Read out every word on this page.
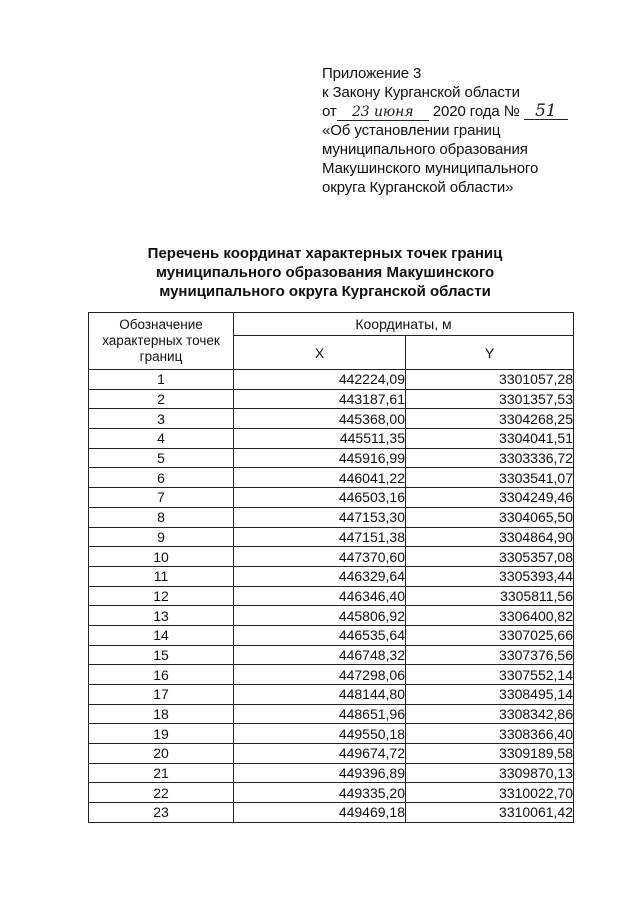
Приложение 3
к Закону Курганской области
от 23 июня 2020 года № 51
«Об установлении границ
муниципального образования
Макушинского муниципального
округа Курганской области»
Перечень координат характерных точек границ
муниципального образования Макушинского
муниципального округа Курганской области
Обозначение характерных точек границ	Координаты, м	
	X	Y
1	442224,09	3301057,28
2	443187,61	3301357,53
3	445368,00	3304268,25
4	445511,35	3304041,51
5	445916,99	3303336,72
6	446041,22	3303541,07
7	446503,16	3304249,46
8	447153,30	3304065,50
9	447151,38	3304864,90
10	447370,60	3305357,08
11	446329,64	3305393,44
12	446346,40	3305811,56
13	445806,92	3306400,82
14	446535,64	3307025,66
15	446748,32	3307376,56
16	447298,06	3307552,14
17	448144,80	3308495,14
18	448651,96	3308342,86
19	449550,18	3308366,40
20	449674,72	3309189,58
21	449396,89	3309870,13
22	449335,20	3310022,70
23	449469,18	3310061,42
